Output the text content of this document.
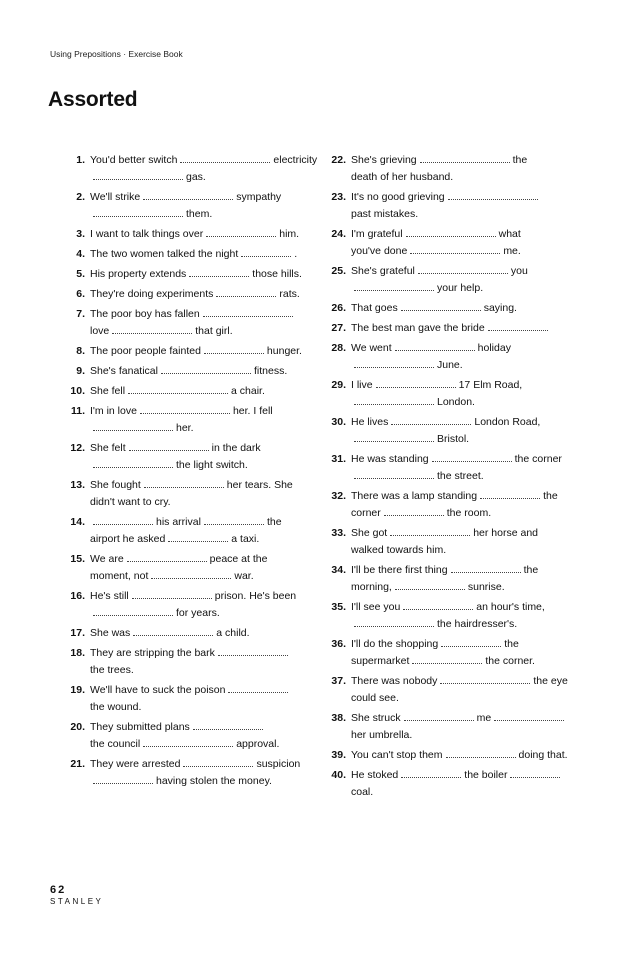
Using Prepositions · Exercise Book
Assorted
1. You'd better switch	electricity
gas.
2. We'll strike	sympathy
them.
3. I want to talk things over	him.
4. The two women talked the night	.
5. His property extends	those hills.
6. They're doing experiments	rats.
7. The poor boy has fallen
love	that girl.
8. The poor people fainted	hunger.
9. She's fanatical	fitness.
10. She fell	a chair.
11. I'm in love	her. I fell
her.
12. She felt	in the dark
the light switch.
13. She fought	her tears. She
didn't want to cry.
14.	his arrival	the
airport he asked	a taxi.
15. We are	peace at the
moment, not	war.
16. He's still	prison. He's been
for years.
17. She was	a child.
18. They are stripping the bark
the trees.
19. We'll have to suck the poison
the wound.
20. They submitted plans
the council	approval.
21. They were arrested	suspicion
having stolen the money.
22. She's grieving	the
death of her husband.
23. It's no good grieving
past mistakes.
24. I'm grateful	what
you've done	me.
25. She's grateful	you
your help.
26. That goes	saying.
27. The best man gave the bride
28. We went	holiday
June.
29. I live	17 Elm Road,
London.
30. He lives	London Road,
Bristol.
31. He was standing	the corner
the street.
32. There was a lamp standing	the
corner	the room.
33. She got	her horse and
walked towards him.
34. I'll be there first thing	the
morning,	sunrise.
35. I'll see you	an hour's time,
the hairdresser's.
36. I'll do the shopping	the
supermarket	the corner.
37. There was nobody	the eye
could see.
38. She struck	me
her umbrella.
39. You can't stop them	doing that.
40. He stoked	the boiler
coal.
62
STANLEY
